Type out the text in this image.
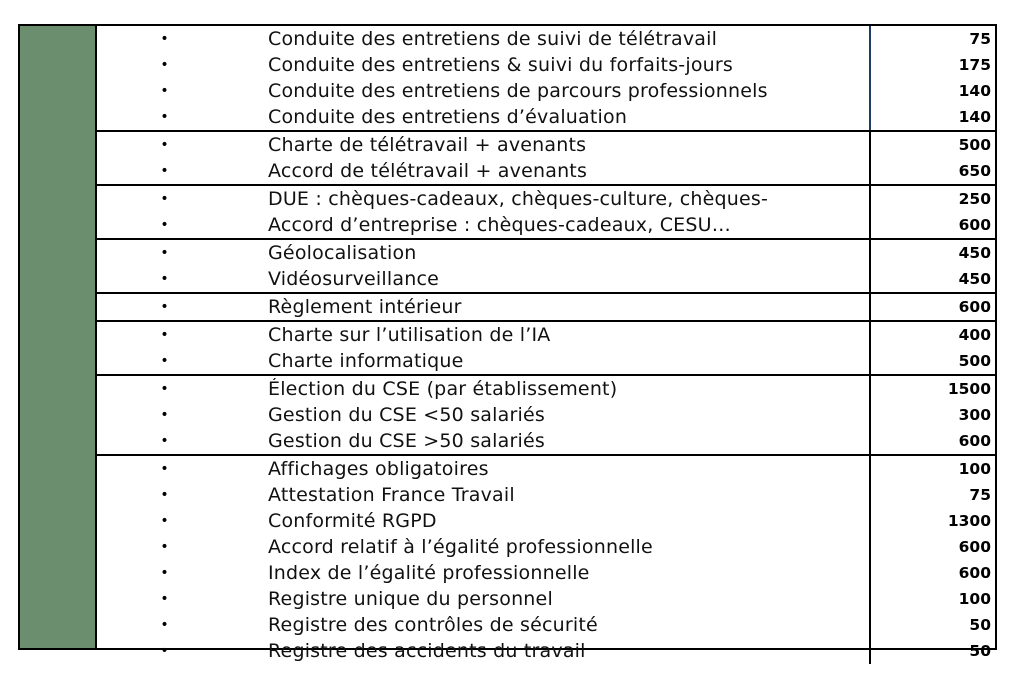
•	Conduite des entretiens de suivi de télétravail	75
•	Conduite des entretiens & suivi du forfaits-jours	175
•	Conduite des entretiens de parcours professionnels	140
•	Conduite des entretiens d’évaluation	140
•	Charte de télétravail + avenants	500
•	Accord de télétravail + avenants	650
•	DUE : chèques-cadeaux, chèques-culture, chèques-	250
•	Accord d’entreprise : chèques-cadeaux, CESU…	600
•	Géolocalisation	450
•	Vidéosurveillance	450
•	Règlement intérieur	600
•	Charte sur l’utilisation de l’IA	400
•	Charte informatique	500
•	Élection du CSE (par établissement)	1500
•	Gestion du CSE <50 salariés	300
•	Gestion du CSE >50 salariés	600
•	Affichages obligatoires	100
•	Attestation France Travail	75
•	Conformité RGPD	1300
•	Accord relatif à l’égalité professionnelle	600
•	Index de l’égalité professionnelle	600
•	Registre unique du personnel	100
•	Registre des contrôles de sécurité	50
•	Registre des accidents du travail	50
